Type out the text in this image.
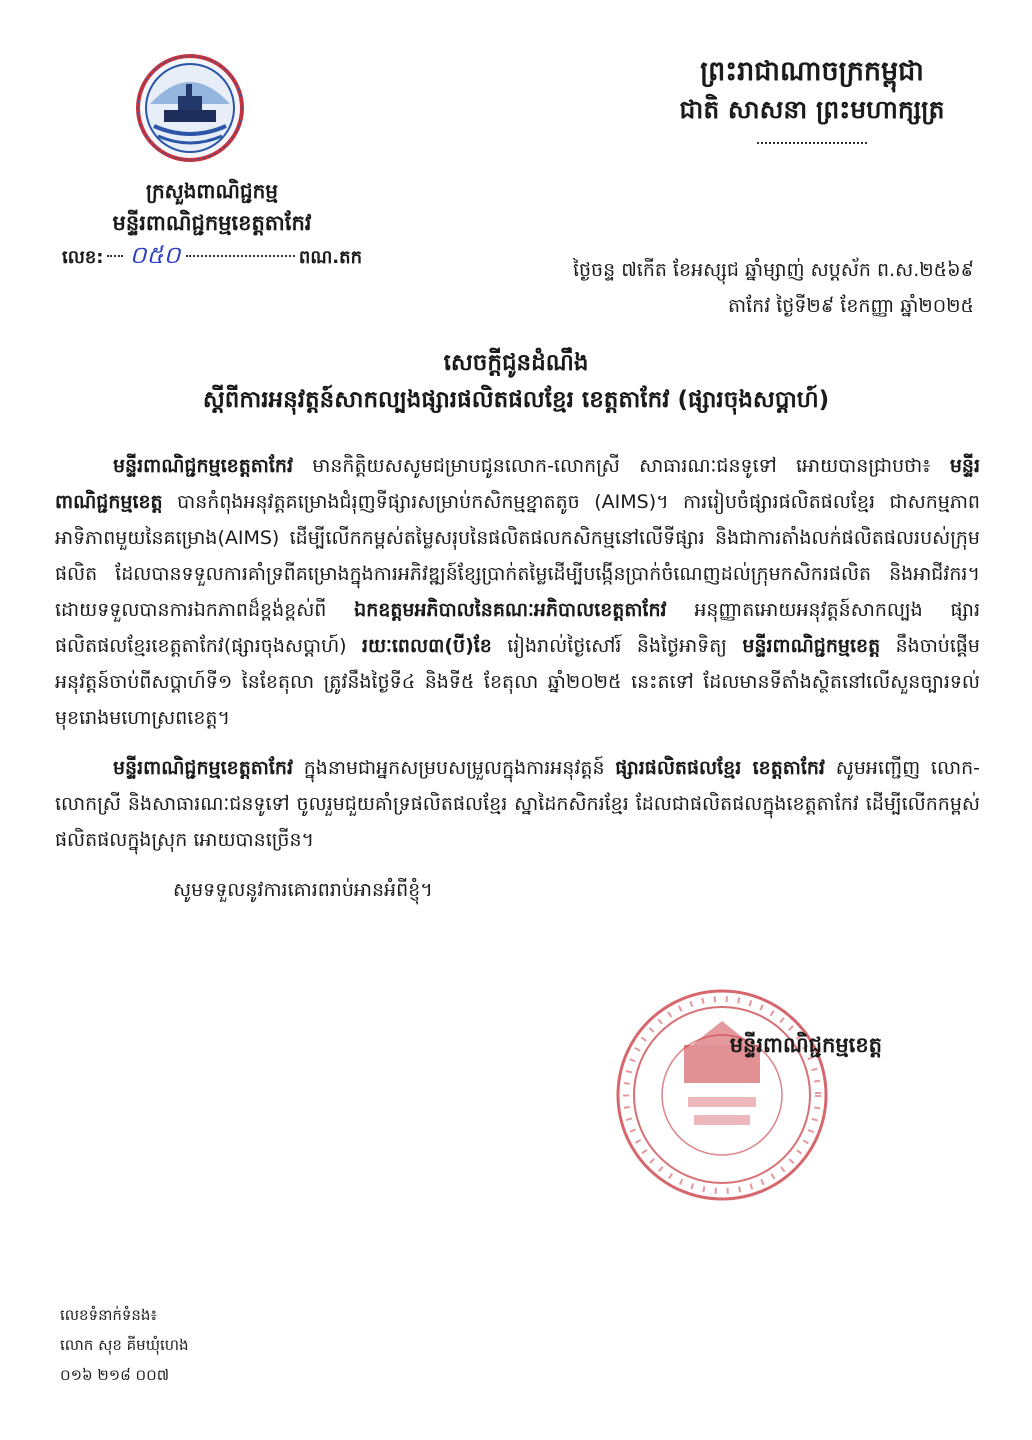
ព្រះរាជាណាចក្រកម្ពុជា
ជាតិ សាសនា ព្រះមហាក្សត្រ
ក្រសួងពាណិជ្ជកម្ម
មន្ទីរពាណិជ្ជកម្មខេត្តតាកែវ
លេខ: ០៥០	ពណ.តក
ថ្ងៃចន្ទ ៧កើត ខែអស្សុជ ឆ្នាំម្សាញ់ សប្តស័ក ព.ស.២៥៦៩
តាកែវ ថ្ងៃទី២៩ ខែកញ្ញា ឆ្នាំ២០២៥
សេចក្តីជូនដំណឹង
ស្តីពីការអនុវត្តន៍សាកល្បងផ្សារផលិតផលខ្មែរ ខេត្តតាកែវ (ផ្សារចុងសប្តាហ៍)

មន្ទីរពាណិជ្ជកម្មខេត្តតាកែវ មានកិត្តិយសសូមជម្រាបជូនលោក-លោកស្រី សាធារណៈជនទូទៅ អោយបានជ្រាបថា៖ មន្ទីរពាណិជ្ជកម្មខេត្ត បានកំពុងអនុវត្តគម្រោងជំរុញទីផ្សារសម្រាប់កសិកម្មខ្នាតតូច (AIMS)។ ការរៀបចំផ្សារផលិតផលខ្មែរ ជាសកម្មភាពអាទិភាពមួយនៃគម្រោង(AIMS) ដើម្បីលើកកម្ពស់តម្លៃសរុបនៃផលិតផលកសិកម្មនៅលើទីផ្សារ និងជាការតាំងលក់ផលិតផលរបស់ក្រុមផលិត ដែលបានទទួលការគាំទ្រពីគម្រោងក្នុងការអភិវឌ្ឍន៍ខ្សែប្រាក់តម្លៃដើម្បីបង្កើនប្រាក់ចំណេញដល់ក្រុមកសិករផលិត និងអាជីវករ។ ដោយទទួលបានការឯកភាពដ៏ខ្ពង់ខ្ពស់ពី ឯកឧត្តមអភិបាលនៃគណៈអភិបាលខេត្តតាកែវ អនុញ្ញាតអោយអនុវត្តន៍សាកល្បង ផ្សារផលិតផលខ្មែរខេត្តតាកែវ(ផ្សារចុងសប្តាហ៍) រយៈពេល៣(បី)ខែ រៀងរាល់ថ្ងៃសៅរ៍ និងថ្ងៃអាទិត្យ មន្ទីរពាណិជ្ជកម្មខេត្ត នឹងចាប់ផ្តើមអនុវត្តន៍ចាប់ពីសប្តាហ៍ទី១ នៃខែតុលា ត្រូវនឹងថ្ងៃទី៤ និងទី៥ ខែតុលា ឆ្នាំ២០២៥ នេះតទៅ ដែលមានទីតាំងស្ថិតនៅលើសួនច្បារទល់មុខរោងមហោស្រពខេត្ត។

មន្ទីរពាណិជ្ជកម្មខេត្តតាកែវ ក្នុងនាមជាអ្នកសម្របសម្រួលក្នុងការអនុវត្តន៍ ផ្សារផលិតផលខ្មែរ ខេត្តតាកែវ សូមអញ្ជើញ លោក-លោកស្រី និងសាធារណៈជនទូទៅ ចូលរួមជួយគាំទ្រផលិតផលខ្មែរ ស្នាដៃកសិករខ្មែរ ដែលជាផលិតផលក្នុងខេត្តតាកែវ ដើម្បីលើកកម្ពស់ផលិតផលក្នុងស្រុក អោយបានច្រើន។

សូមទទួលនូវការគោរពរាប់អានអំពីខ្ញុំ។

មន្ទីរពាណិជ្ជកម្មខេត្ត
លេខទំនាក់ទំនង៖
លោក សុខ គីមឃុំហេង
០១៦ ២១៨ ០០៧
